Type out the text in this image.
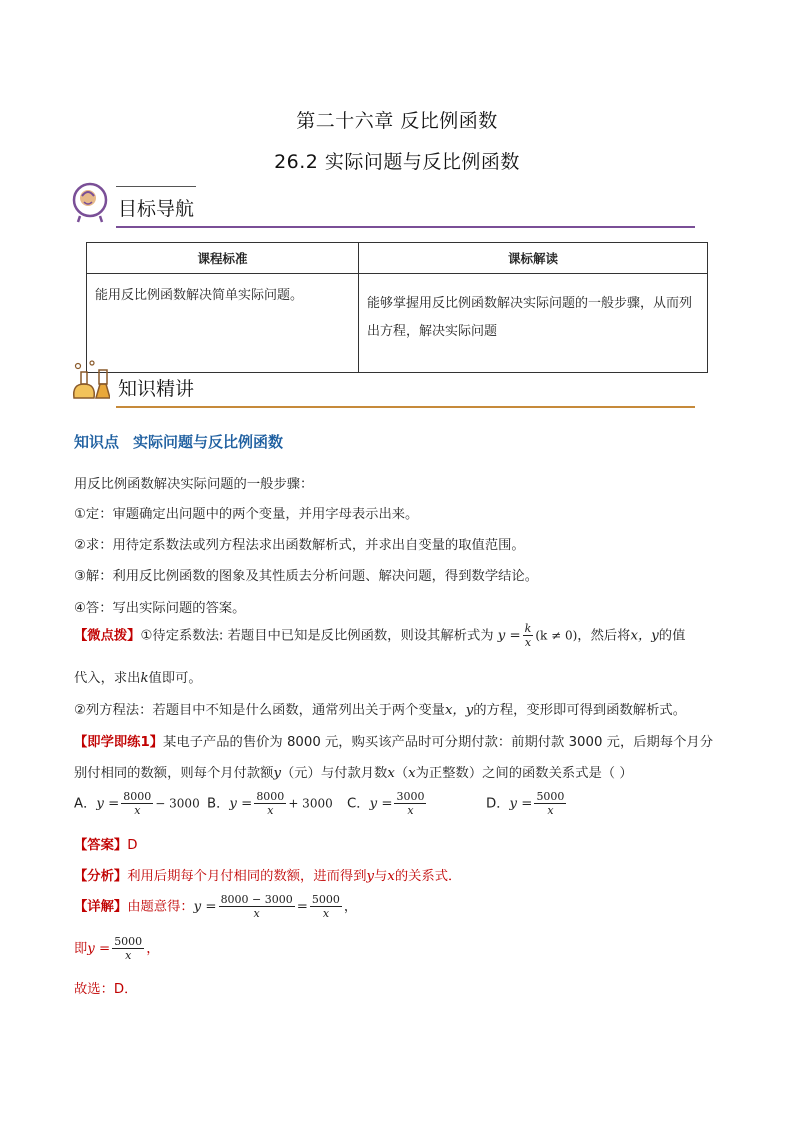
第二十六章 反比例函数
26.2 实际问题与反比例函数
目标导航
课程标准	课标解读
能用反比例函数解决简单实际问题。	能够掌握用反比例函数解决实际问题的一般步骤，从而列出方程，解决实际问题
知识精讲
知识点 实际问题与反比例函数
用反比例函数解决实际问题的一般步骤：
①定：审题确定出问题中的两个变量，并用字母表示出来。
②求：用待定系数法或列方程法求出函数解析式，并求出自变量的取值范围。
③解：利用反比例函数的图象及其性质去分析问题、解决问题，得到数学结论。
④答：写出实际问题的答案。
【微点拨】①待定系数法: 若题目中已知是反比例函数，则设其解析式为 $y = \frac{k}{x} (k \ne 0)$，然后将x，y的值
代入，求出k值即可。
②列方程法：若题目中不知是什么函数，通常列出关于两个变量x，y的方程，变形即可得到函数解析式。
【即学即练1】某电子产品的售价为 8000 元，购买该产品时可分期付款：前期付款 3000 元，后期每个月分
别付相同的数额，则每个月付款额y（元）与付款月数x（x为正整数）之间的函数关系式是（ ）
A．$y = \frac{8000}{x} - 3000$ B．$y = \frac{8000}{x} + 3000$ C．$y = \frac{3000}{x}$	D．$y = \frac{5000}{x}$
【答案】D
【分析】利用后期每个月付相同的数额，进而得到y与x的关系式．
【详解】由题意得：$y = \frac{8000 - 3000}{x} = \frac{5000}{x}$ ，
即$y = \frac{5000}{x}$ ，
故选：D．
